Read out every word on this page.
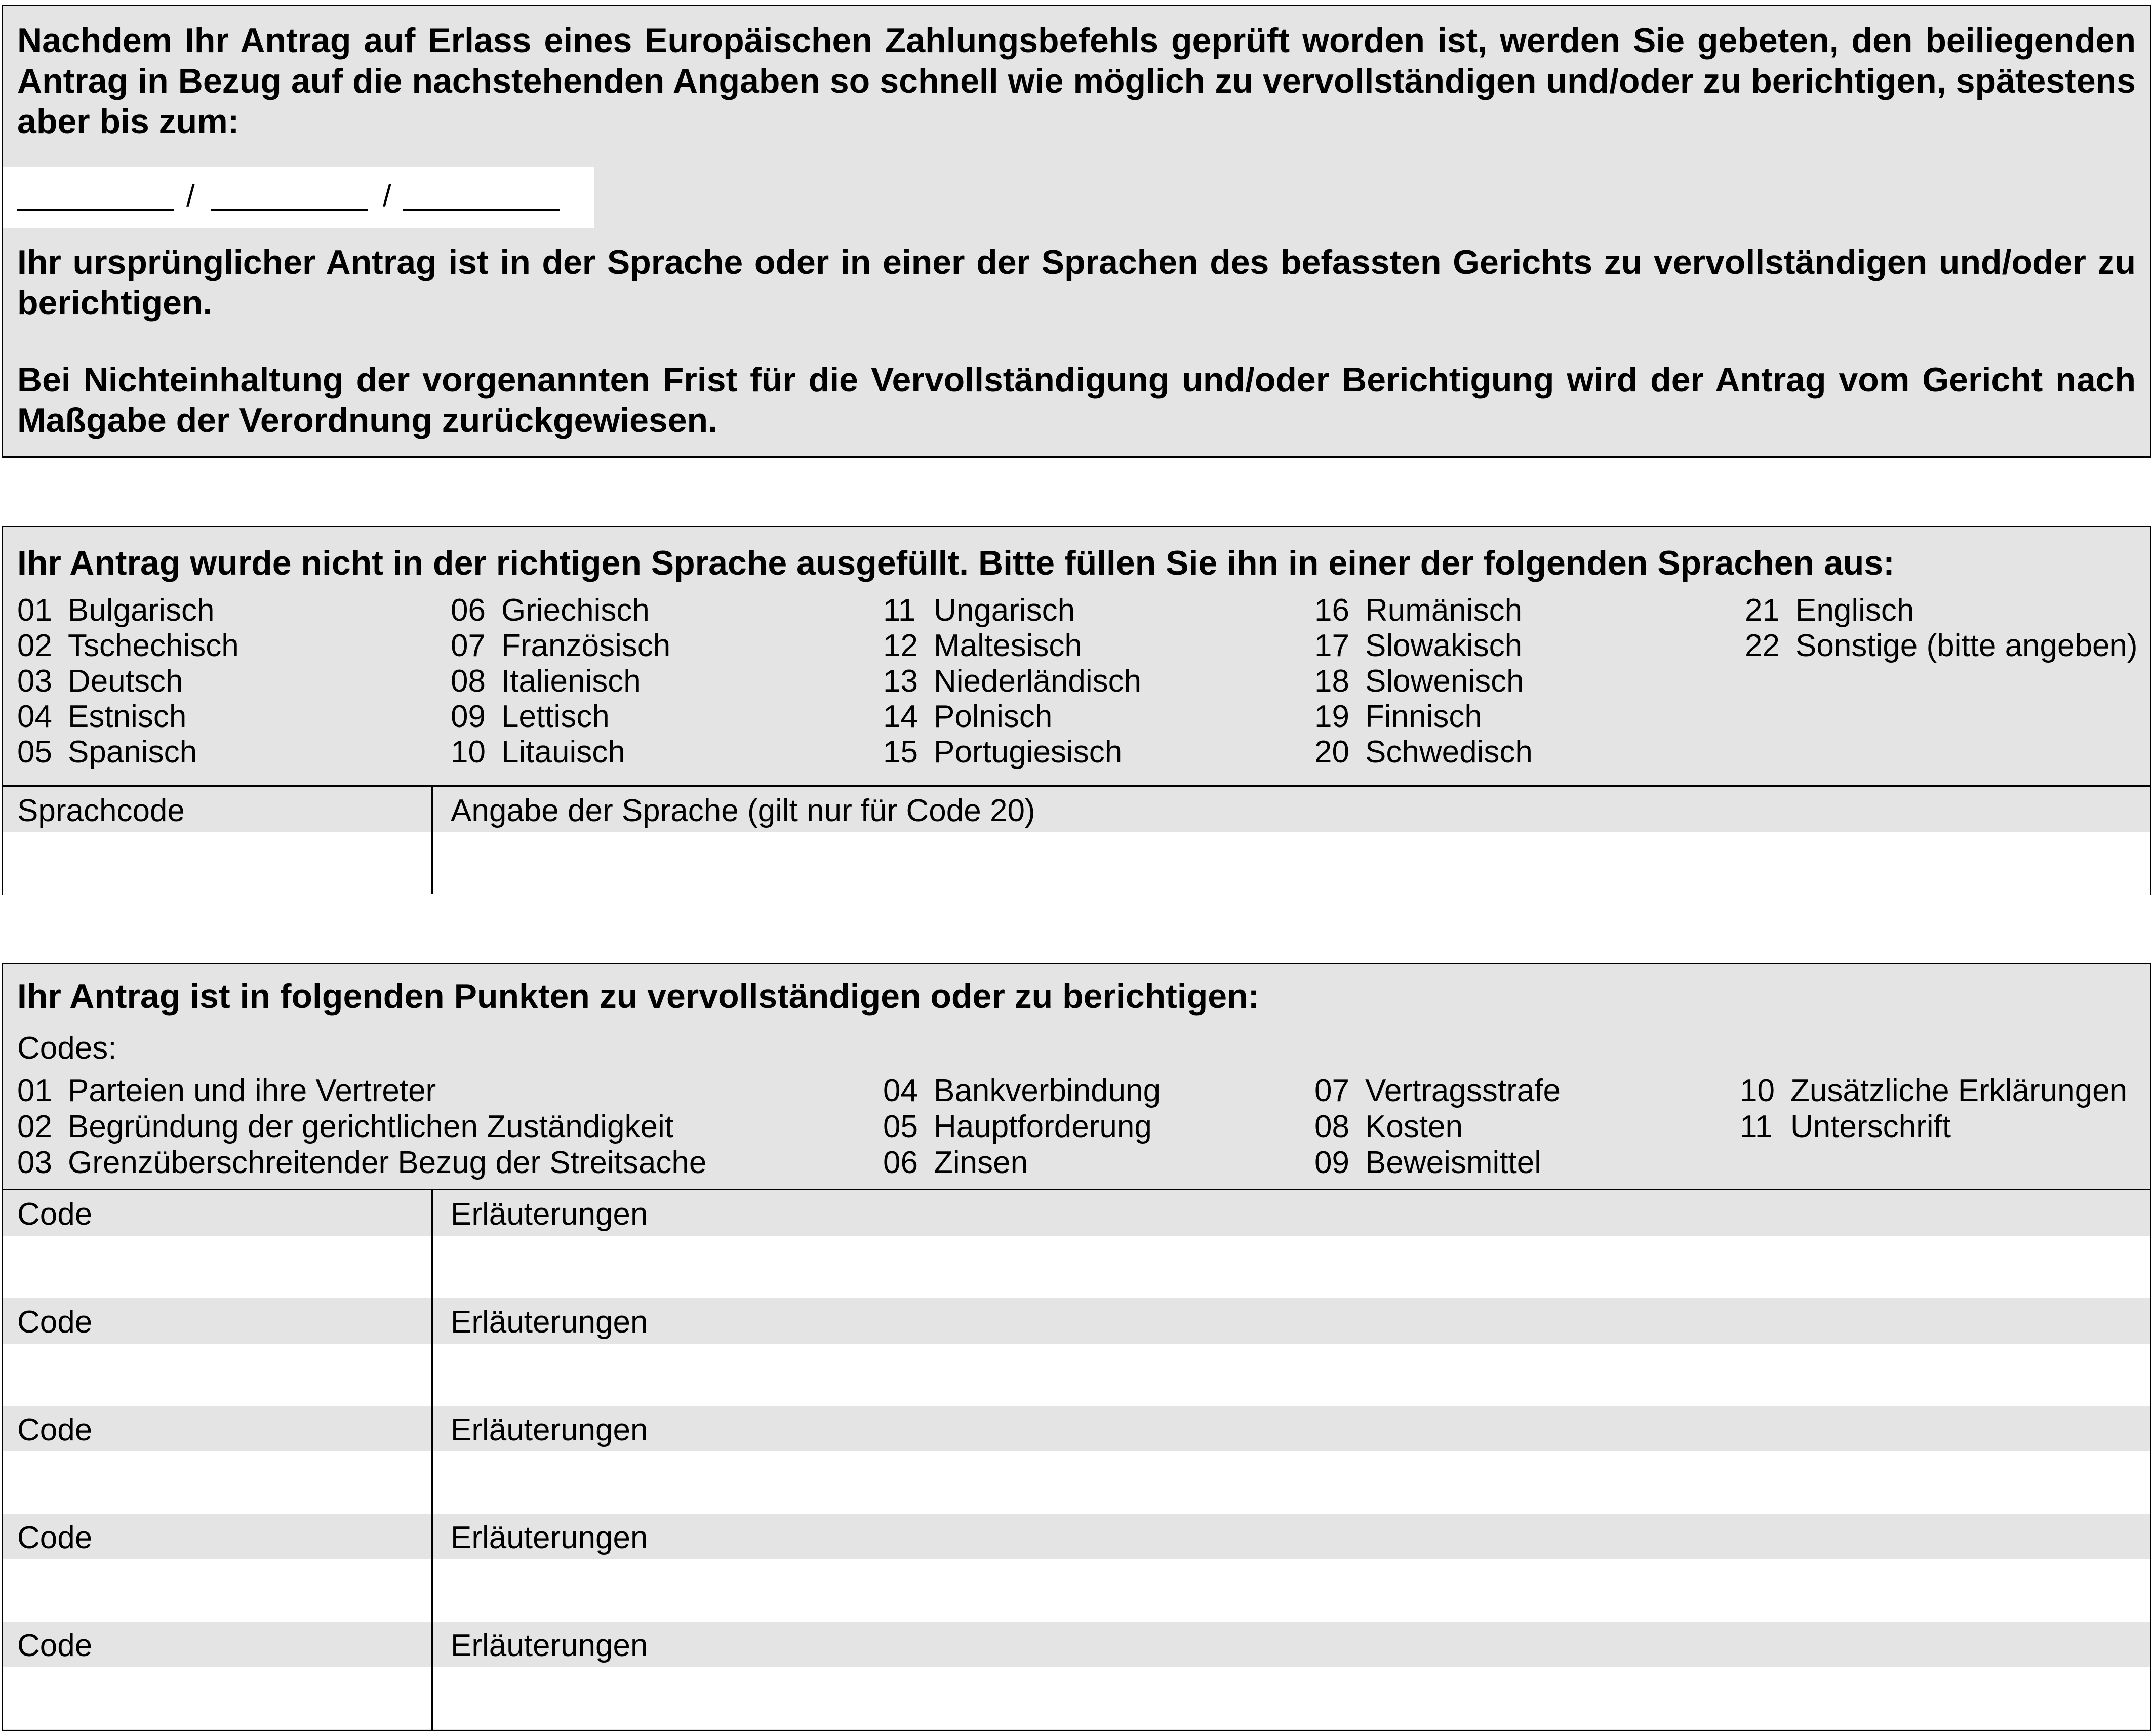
Nachdem Ihr Antrag auf Erlass eines Europäischen Zahlungsbefehls geprüft worden ist, werden Sie gebeten, den beiliegenden Antrag in Bezug auf die nachstehenden Angaben so schnell wie möglich zu vervollständigen und/oder zu berichtigen, spätestens aber bis zum:

/	/

Ihr ursprünglicher Antrag ist in der Sprache oder in einer der Sprachen des befassten Gerichts zu vervollständigen und/oder zu berichtigen.

Bei Nichteinhaltung der vorgenannten Frist für die Vervollständigung und/oder Berichtigung wird der Antrag vom Gericht nach Maßgabe der Verordnung zurückgewiesen.

Ihr Antrag wurde nicht in der richtigen Sprache ausgefüllt. Bitte füllen Sie ihn in einer der folgenden Sprachen aus:
01 Bulgarisch
02 Tschechisch
03 Deutsch
04 Estnisch
05 Spanisch
06 Griechisch
07 Französisch
08 Italienisch
09 Lettisch
10 Litauisch
11 Ungarisch
12 Maltesisch
13 Niederländisch
14 Polnisch
15 Portugiesisch
16 Rumänisch
17 Slowakisch
18 Slowenisch
19 Finnisch
20 Schwedisch
21 Englisch
22 Sonstige (bitte angeben)
Sprachcode	Angabe der Sprache (gilt nur für Code 20)
Ihr Antrag ist in folgenden Punkten zu vervollständigen oder zu berichtigen:
Codes:
01 Parteien und ihre Vertreter
02 Begründung der gerichtlichen Zuständigkeit
03 Grenzüberschreitender Bezug der Streitsache
04 Bankverbindung
05 Hauptforderung
06 Zinsen
07 Vertragsstrafe
08 Kosten
09 Beweismittel
10 Zusätzliche Erklärungen
11 Unterschrift
Code	Erläuterungen
Code	Erläuterungen
Code	Erläuterungen
Code	Erläuterungen
Code	Erläuterungen
